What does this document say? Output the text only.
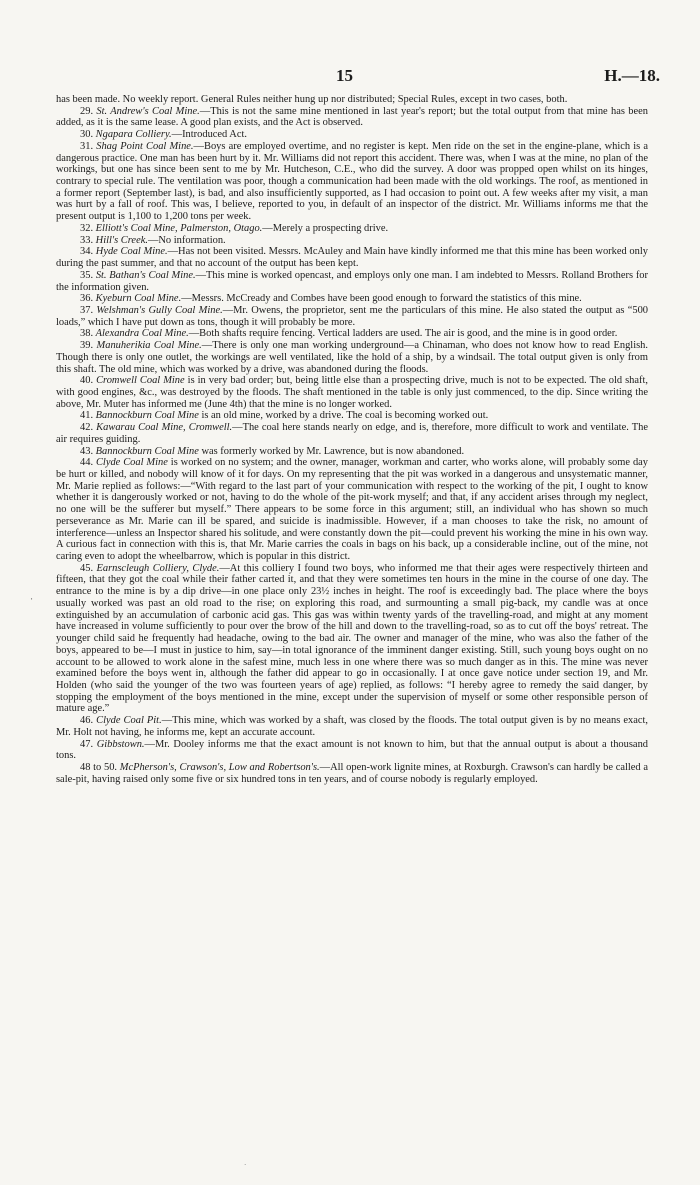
15	H.—18.

has been made. No weekly report. General Rules neither hung up nor distributed; Special Rules, except in two cases, both.

29. St. Andrew's Coal Mine.—This is not the same mine mentioned in last year's report; but the total output from that mine has been added, as it is the same lease. A good plan exists, and the Act is observed.

30. Ngapara Colliery.—Introduced Act.

31. Shag Point Coal Mine.—Boys are employed overtime, and no register is kept. Men ride on the set in the engine-plane, which is a dangerous practice. One man has been hurt by it. Mr. Williams did not report this accident. There was, when I was at the mine, no plan of the workings, but one has since been sent to me by Mr. Hutcheson, C.E., who did the survey. A door was propped open whilst on its hinges, contrary to special rule. The ventilation was poor, though a communication had been made with the old workings. The roof, as mentioned in a former report (September last), is bad, and also insufficiently supported, as I had occasion to point out. A few weeks after my visit, a man was hurt by a fall of roof. This was, I believe, reported to you, in default of an inspector of the district. Mr. Williams informs me that the present output is 1,100 to 1,200 tons per week.

32. Elliott's Coal Mine, Palmerston, Otago.—Merely a prospecting drive.

33. Hill's Creek.—No information.

34. Hyde Coal Mine.—Has not been visited. Messrs. McAuley and Main have kindly informed me that this mine has been worked only during the past summer, and that no account of the output has been kept.

35. St. Bathan's Coal Mine.—This mine is worked opencast, and employs only one man. I am indebted to Messrs. Rolland Brothers for the information given.

36. Kyeburn Coal Mine.—Messrs. McCready and Combes have been good enough to forward the statistics of this mine.

37. Welshman's Gully Coal Mine.—Mr. Owens, the proprietor, sent me the particulars of this mine. He also stated the output as “500 loads,” which I have put down as tons, though it will probably be more.

38. Alexandra Coal Mine.—Both shafts require fencing. Vertical ladders are used. The air is good, and the mine is in good order.

39. Manuherikia Coal Mine.—There is only one man working underground—a Chinaman, who does not know how to read English. Though there is only one outlet, the workings are well ventilated, like the hold of a ship, by a windsail. The total output given is only from this shaft. The old mine, which was worked by a drive, was abandoned during the floods.

40. Cromwell Coal Mine is in very bad order; but, being little else than a prospecting drive, much is not to be expected. The old shaft, with good engines, &c., was destroyed by the floods. The shaft mentioned in the table is only just commenced, to the dip. Since writing the above, Mr. Muter has informed me (June 4th) that the mine is no longer worked.

41. Bannockburn Coal Mine is an old mine, worked by a drive. The coal is becoming worked out.

42. Kawarau Coal Mine, Cromwell.—The coal here stands nearly on edge, and is, therefore, more difficult to work and ventilate. The air requires guiding.

43. Bannockburn Coal Mine was formerly worked by Mr. Lawrence, but is now abandoned.

44. Clyde Coal Mine is worked on no system; and the owner, manager, workman and carter, who works alone, will probably some day be hurt or killed, and nobody will know of it for days. On my representing that the pit was worked in a dangerous and unsystematic manner, Mr. Marie replied as follows:—“With regard to the last part of your communication with respect to the working of the pit, I ought to know whether it is dangerously worked or not, having to do the whole of the pit-work myself; and that, if any accident arises through my neglect, no one will be the sufferer but myself.” There appears to be some force in this argument; still, an individual who has shown so much perseverance as Mr. Marie can ill be spared, and suicide is inadmissible. However, if a man chooses to take the risk, no amount of interference—unless an Inspector shared his solitude, and were constantly down the pit—could prevent his working the mine in his own way. A curious fact in connection with this is, that Mr. Marie carries the coals in bags on his back, up a considerable incline, out of the mine, not caring even to adopt the wheelbarrow, which is popular in this district.

45. Earnscleugh Colliery, Clyde.—At this colliery I found two boys, who informed me that their ages were respectively thirteen and fifteen, that they got the coal while their father carted it, and that they were sometimes ten hours in the mine in the course of one day. The entrance to the mine is by a dip drive—in one place only 23½ inches in height. The roof is exceedingly bad. The place where the boys usually worked was past an old road to the rise; on exploring this road, and surmounting a small pig-back, my candle was at once extinguished by an accumulation of carbonic acid gas. This gas was within twenty yards of the travelling-road, and might at any moment have increased in volume sufficiently to pour over the brow of the hill and down to the travelling-road, so as to cut off the boys' retreat. The younger child said he frequently had headache, owing to the bad air. The owner and manager of the mine, who was also the father of the boys, appeared to be—I must in justice to him, say—in total ignorance of the imminent danger existing. Still, such young boys ought on no account to be allowed to work alone in the safest mine, much less in one where there was so much danger as in this. The mine was never examined before the boys went in, although the father did appear to go in occasionally. I at once gave notice under section 19, and Mr. Holden (who said the younger of the two was fourteen years of age) replied, as follows: “I hereby agree to remedy the said danger, by stopping the employment of the boys mentioned in the mine, except under the supervision of myself or some other responsible person of mature age.”

46. Clyde Coal Pit.—This mine, which was worked by a shaft, was closed by the floods. The total output given is by no means exact, Mr. Holt not having, he informs me, kept an accurate account.

47. Gibbstown.—Mr. Dooley informs me that the exact amount is not known to him, but that the annual output is about a thousand tons.

48 to 50. McPherson's, Crawson's, Low and Robertson's.—All open-work lignite mines, at Roxburgh. Crawson's can hardly be called a sale-pit, having raised only some five or six hundred tons in ten years, and of course nobody is regularly employed.

⋅
⋅
